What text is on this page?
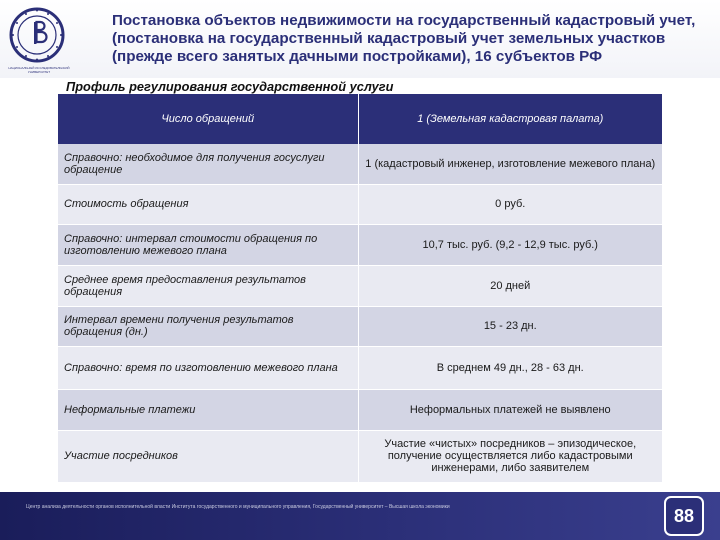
НАЦИОНАЛЬНЫЙ ИССЛЕДОВАТЕЛЬСКИЙ УНИВЕРСИТЕТ
Постановка объектов недвижимости на государственный кадастровый учет, (постановка на государственный кадастровый учет земельных участков (прежде всего занятых дачными постройками), 16 субъектов РФ
Профиль регулирования государственной услуги
Число обращений	1 (Земельная кадастровая палата)
Справочно: необходимое для получения госуслуги обращение	1 (кадастровый инженер, изготовление межевого плана)
Стоимость обращения	0 руб.
Справочно: интервал стоимости обращения по изготовлению межевого плана	10,7 тыс. руб. (9,2 - 12,9 тыс. руб.)
Среднее время предоставления результатов обращения	20 дней
Интервал времени получения результатов обращения (дн.)	15 - 23 дн.
Справочно: время по изготовлению межевого плана	В среднем 49 дн., 28 - 63 дн.
Неформальные платежи	Неформальных платежей не выявлено
Участие посредников	Участие «чистых» посредников – эпизодическое, получение осуществляется либо кадастровыми инженерами, либо заявителем
Центр анализа деятельности органов исполнительной власти Института государственного и муниципального управления, Государственный университет – Высшая школа экономики	88
